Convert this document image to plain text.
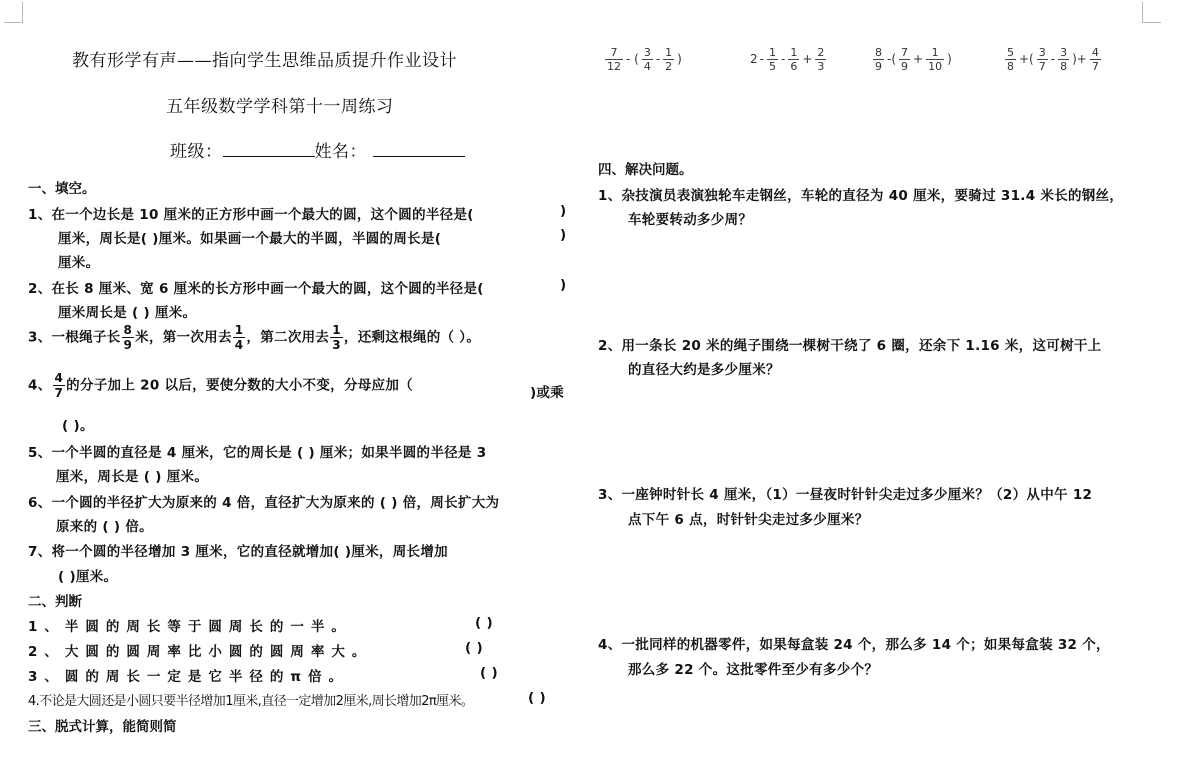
教有形学有声——指向学生思维品质提升作业设计
五年级数学学科第十一周练习
班级：	姓名：
一、填空。
1、在一个边长是 10 厘米的正方形中画一个最大的圆，这个圆的半径是(	)
厘米，周长是( )厘米。如果画一个最大的半圆，半圆的周长是(	)
厘米。
2、在长 8 厘米、宽 6 厘米的长方形中画一个最大的圆，这个圆的半径是(	)
厘米周长是 ( ) 厘米。
3、一根绳子长 $\frac{8}{9}$ 米，第一次用去 $\frac{1}{4}$ ，第二次用去 $\frac{1}{3}$ ，还剩这根绳的（ ）。
4、 $\frac{4}{7}$ 的分子加上 20 以后，要使分数的大小不变，分母应加（	)或乘
( )。
5、一个半圆的直径是 4 厘米，它的周长是 ( ) 厘米；如果半圆的半径是 3
厘米，周长是 ( ) 厘米。
6、一个圆的半径扩大为原来的 4 倍，直径扩大为原来的 ( ) 倍，周长扩大为
原来的 ( ) 倍。
7、将一个圆的半径增加 3 厘米，它的直径就增加( )厘米，周长增加
( )厘米。
二、判断
1、半圆的周长等于圆周长的一半。	( )
2、大圆的圆周率比小圆的圆周率大。	( )
3、圆的周长一定是它半径的π倍。	( )
4.不论是大圆还是小圆只要半径增加1厘米,直径一定增加2厘米,周长增加2π厘米。	( )
三、脱式计算，能简则简
$\frac{7}{12}$ - ( $\frac{3}{4} - \frac{1}{2}$ )	$2 - \frac{1}{5} - \frac{1}{6} + \frac{2}{3}$	$\frac{8}{9}$ -( $\frac{7}{9} + \frac{1}{10}$ )	$\frac{5}{8}$ +( $\frac{3}{7} - \frac{3}{8}$ )+ $\frac{4}{7}$
四、解决问题。
1、杂技演员表演独轮车走钢丝，车轮的直径为 40 厘米，要骑过 31.4 米长的钢丝，
车轮要转动多少周？
2、用一条长 20 米的绳子围绕一棵树干绕了 6 圈，还余下 1.16 米，这可树干上
的直径大约是多少厘米？
3、一座钟时针长 4 厘米，（1）一昼夜时针针尖走过多少厘米？（2）从中午 12
点下午 6 点，时针针尖走过多少厘米？
4、一批同样的机器零件，如果每盒装 24 个，那么多 14 个；如果每盒装 32 个，
那么多 22 个。这批零件至少有多少个？
